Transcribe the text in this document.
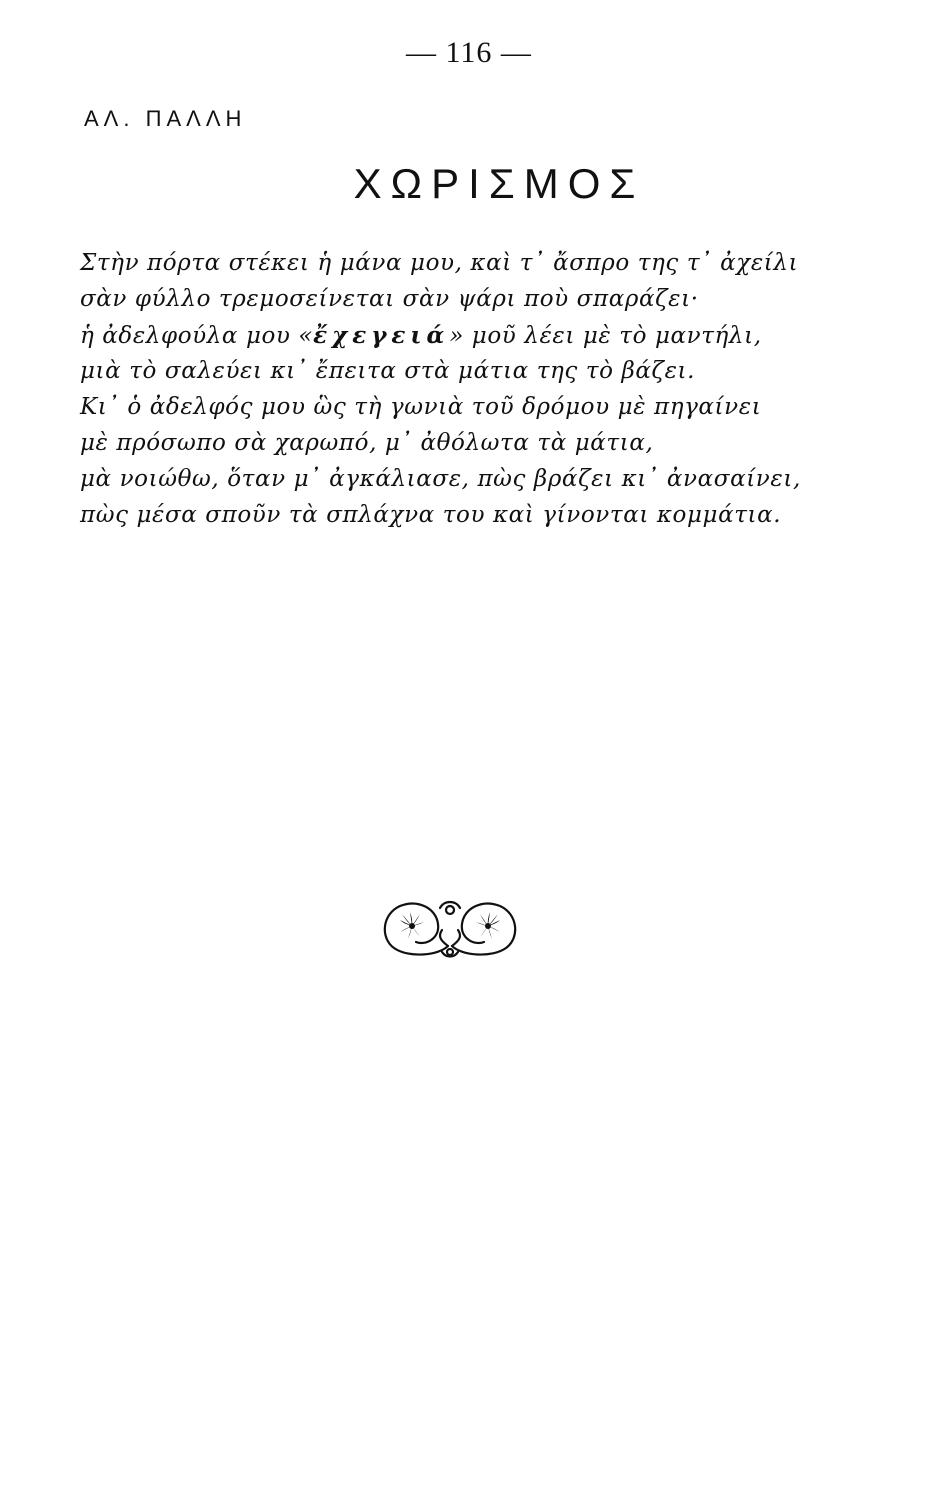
— 116 —
ΑΛ. ΠΑΛΛΗ
ΧΩΡΙΣΜΟΣ
Στὴν πόρτα στέκει ἡ μάνα μου, καὶ τ᾽ ἄσπρο της τ᾽ ἀχείλι
σὰν φύλλο τρεμοσείνεται σὰν ψάρι ποὺ σπαράζει·
ἡ ἀδελφούλα μου «ἔχεγειά» μοῦ λέει μὲ τὸ μαντήλι,
μιὰ τὸ σαλεύει κι᾽ ἔπειτα στὰ μάτια της τὸ βάζει.
Κι᾽ ὁ ἀδελφός μου ὣς τὴ γωνιὰ τοῦ δρόμου μὲ πηγαίνει
μὲ πρόσωπο σὰ χαρωπό, μ᾽ ἀθόλωτα τὰ μάτια,
μὰ νοιώθω, ὅταν μ᾽ ἀγκάλιασε, πὼς βράζει κι᾽ ἀνασαίνει,
πὼς μέσα σποῦν τὰ σπλάχνα του καὶ γίνονται κομμάτια.
